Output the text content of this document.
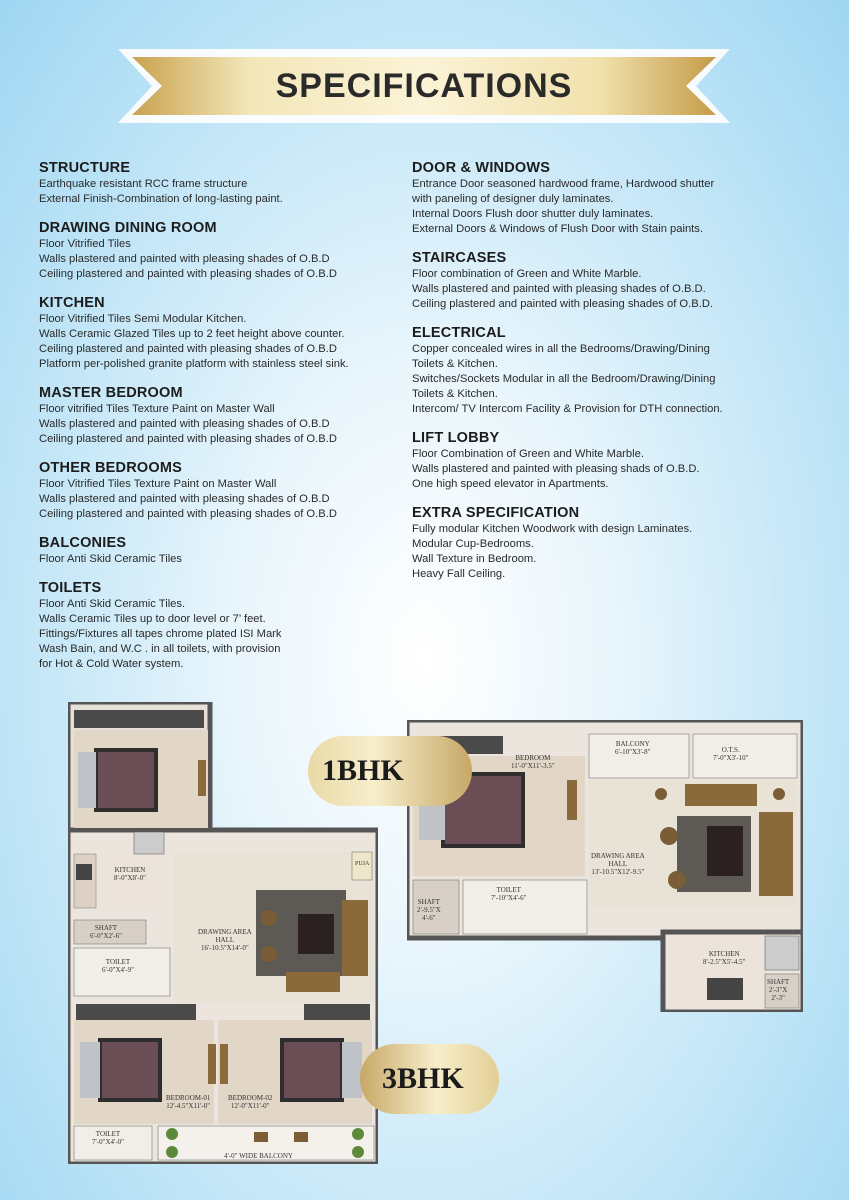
SPECIFICATIONS
STRUCTURE
Earthquake resistant RCC frame structure
External Finish-Combination of long-lasting paint.
DRAWING DINING ROOM
Floor Vitrified Tiles
Walls plastered and painted with pleasing shades of O.B.D
Ceiling plastered and painted with pleasing shades of O.B.D
KITCHEN
Floor Vitrified Tiles Semi Modular Kitchen.
Walls Ceramic Glazed Tiles up to 2 feet height above counter.
Ceiling plastered and painted with pleasing shades of O.B.D
Platform per-polished granite platform with stainless steel sink.
MASTER BEDROOM
Floor vitrified Tiles Texture Paint on Master Wall
Walls plastered and painted with pleasing shades of O.B.D
Ceiling plastered and painted with pleasing shades of O.B.D
OTHER BEDROOMS
Floor Vitrified Tiles Texture Paint on Master Wall
Walls plastered and painted with pleasing shades of O.B.D
Ceiling plastered and painted with pleasing shades of O.B.D
BALCONIES
Floor Anti Skid Ceramic Tiles
TOILETS
Floor Anti Skid Ceramic Tiles.
Walls Ceramic Tiles up to door level or 7’ feet.
Fittings/Fixtures all tapes chrome plated ISI Mark
Wash Bain, and W.C . in all toilets, with provision
for Hot & Cold Water system.
DOOR & WINDOWS
Entrance Door seasoned hardwood frame, Hardwood shutter
with paneling of designer duly laminates.
Internal Doors Flush door shutter duly laminates.
External Doors & Windows of Flush Door with Stain paints.
STAIRCASES
Floor combination of Green and White Marble.
Walls plastered and painted with pleasing shades of O.B.D.
Ceiling plastered and painted with pleasing shades of O.B.D.
ELECTRICAL
Copper concealed wires in all the Bedrooms/Drawing/Dining
Toilets & Kitchen.
Switches/Sockets Modular in all the Bedroom/Drawing/Dining
Toilets & Kitchen.
Intercom/ TV Intercom Facility & Provision for DTH connection.
LIFT LOBBY
Floor Combination of Green and White Marble.
Walls plastered and painted with pleasing shads of O.B.D.
One high speed elevator in Apartments.
EXTRA SPECIFICATION
Fully modular Kitchen Woodwork with design Laminates.
Modular Cup-Bedrooms.
Wall Texture in Bedroom.
Heavy Fall Ceiling.
KITCHEN
8'-0"X8'-0"
DRAWING AREA
HALL
16'-10.5"X14'-0"
SHAFT
6'-0"X2'-6"
TOILET
6'-0"X4'-9"
PUJA
BEDROOM-01
12'-4.5"X11'-0"
BEDROOM-02
12'-0"X11'-0"
TOILET
7'-0"X4'-0"
4'-0" WIDE BALCONY
BEDROOM
11'-0"X11'-3.5"
BALCONY
6'-10"X3'-8"	O.T.S.
7'-0"X3'-10"
DRAWING AREA
HALL
13'-10.5"X12'-9.5"
SHAFT
2'-9.5"X
4'-6"
TOILET
7'-10"X4'-6"
KITCHEN
8'-2.5"X5'-4.5"
SHAFT
2'-3"X
2'-3"
1BHK
3BHK
